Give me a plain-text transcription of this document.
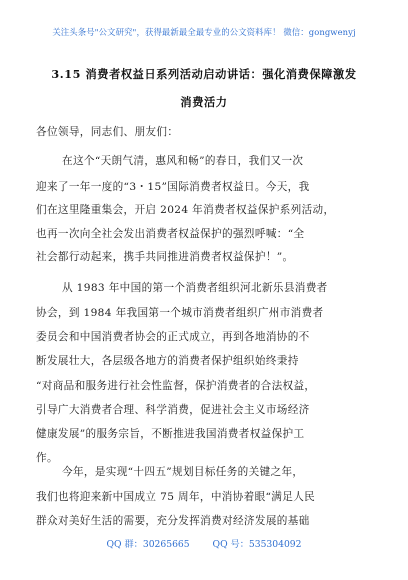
关注头条号"公文研究"，获得最新最全最专业的公文资料库！ 微信：gongwenyj
3.15 消费者权益日系列活动启动讲话：强化消费保障激发
消费活力
各位领导，同志们、朋友们：
在这个“天朗气清，惠风和畅”的春日，我们又一次
迎来了一年一度的“3・15”国际消费者权益日。今天，我
们在这里隆重集会，开启 2024 年消费者权益保护系列活动，
也再一次向全社会发出消费者权益保护的强烈呼喊：“全
社会都行动起来，携手共同推进消费者权益保护！”。
从 1983 年中国的第一个消费者组织河北新乐县消费者
协会，到 1984 年我国第一个城市消费者组织广州市消费者
委员会和中国消费者协会的正式成立，再到各地消协的不
断发展壮大，各层级各地方的消费者保护组织始终秉持
“对商品和服务进行社会性监督，保护消费者的合法权益，
引导广大消费者合理、科学消费，促进社会主义市场经济
健康发展”的服务宗旨，不断推进我国消费者权益保护工
作。
今年，是实现“十四五”规划目标任务的关键之年，
我们也将迎来新中国成立 75 周年，中消协着眼“满足人民
群众对美好生活的需要，充分发挥消费对经济发展的基础
QQ 群：30265665 QQ 号：535304092
